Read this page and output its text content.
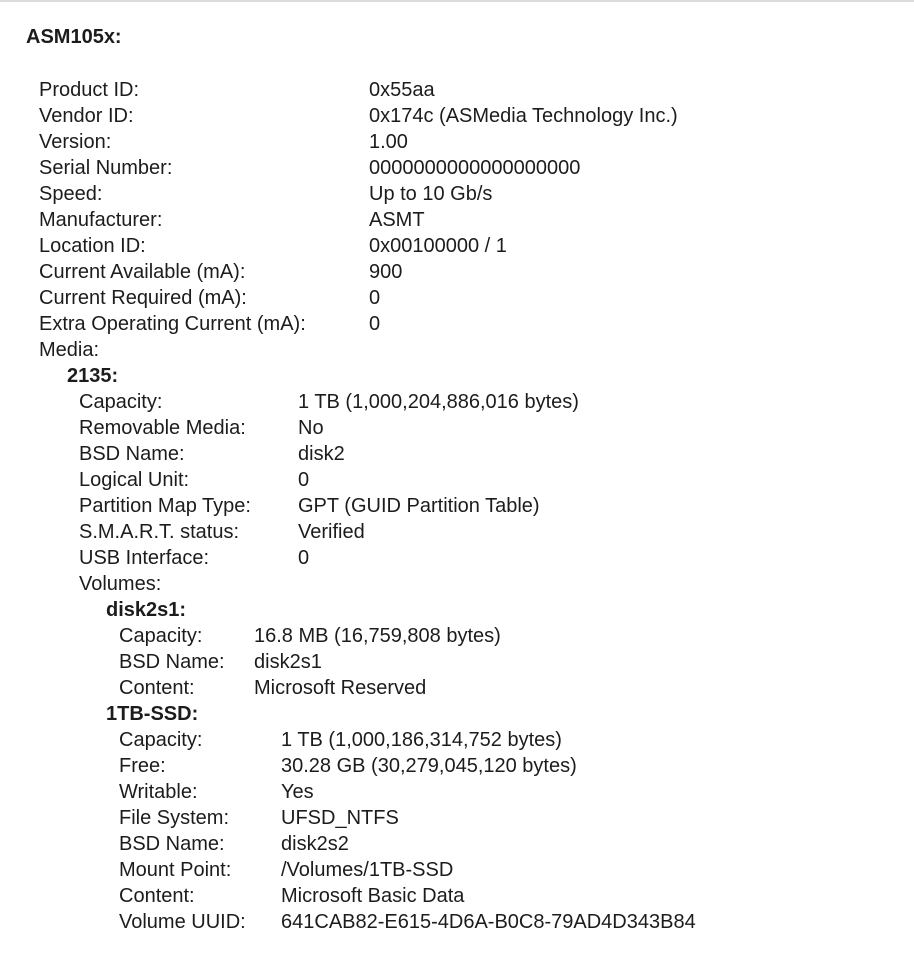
ASM105x:
Product ID:	0x55aa
Vendor ID:	0x174c (ASMedia Technology Inc.)
Version:	1.00
Serial Number:	0000000000000000000
Speed:	Up to 10 Gb/s
Manufacturer:	ASMT
Location ID:	0x00100000 / 1
Current Available (mA):	900
Current Required (mA):	0
Extra Operating Current (mA):	0
Media:
2135:
Capacity:	1 TB (1,000,204,886,016 bytes)
Removable Media:	No
BSD Name:	disk2
Logical Unit:	0
Partition Map Type: GPT (GUID Partition Table)
S.M.A.R.T. status:	Verified
USB Interface:	0
Volumes:
disk2s1:
Capacity:	16.8 MB (16,759,808 bytes)
BSD Name: disk2s1
Content:	Microsoft Reserved
1TB-SSD:
Capacity:	1 TB (1,000,186,314,752 bytes)
Free:	30.28 GB (30,279,045,120 bytes)
Writable:	Yes
File System:	UFSD_NTFS
BSD Name:	disk2s2
Mount Point: /Volumes/1TB-SSD
Content:	Microsoft Basic Data
Volume UUID: 641CAB82-E615-4D6A-B0C8-79AD4D343B84
